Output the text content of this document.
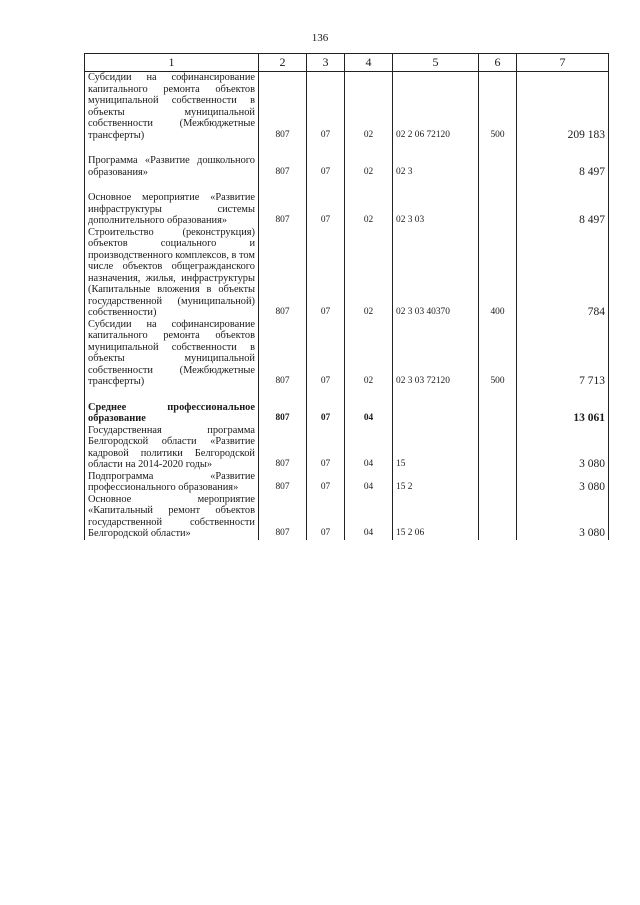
136
1	2	3	4	5	6	7
Субсидии на софинансирование капитального ремонта объектов муниципальной собственности в объекты муниципальной собственности (Межбюджетные трансферты)	807	07	02	02 2 06 72120	500	209 183

Программа «Развитие дошкольного образования»	807	07	02	02 3		8 497

Основное мероприятие «Развитие инфраструктуры системы дополнительного образования»	807	07	02	02 3 03		8 497
Строительство (реконструкция) объектов социального и производственного комплексов, в том числе объектов общегражданского назначения, жилья, инфраструктуры (Капитальные вложения в объекты государственной (муниципальной) собственности)	807	07	02	02 3 03 40370	400	784
Субсидии на софинансирование капитального ремонта объектов муниципальной собственности в объекты муниципальной собственности (Межбюджетные трансферты)	807	07	02	02 3 03 72120	500	7 713

Среднее профессиональное образование	807	07	04			13 061
Государственная программа Белгородской области «Развитие кадровой политики Белгородской области на 2014-2020 годы»	807	07	04	15		3 080
Подпрограмма «Развитие профессионального образования»	807	07	04	15 2		3 080
Основное мероприятие «Капитальный ремонт объектов государственной собственности Белгородской области»	807	07	04	15 2 06		3 080
